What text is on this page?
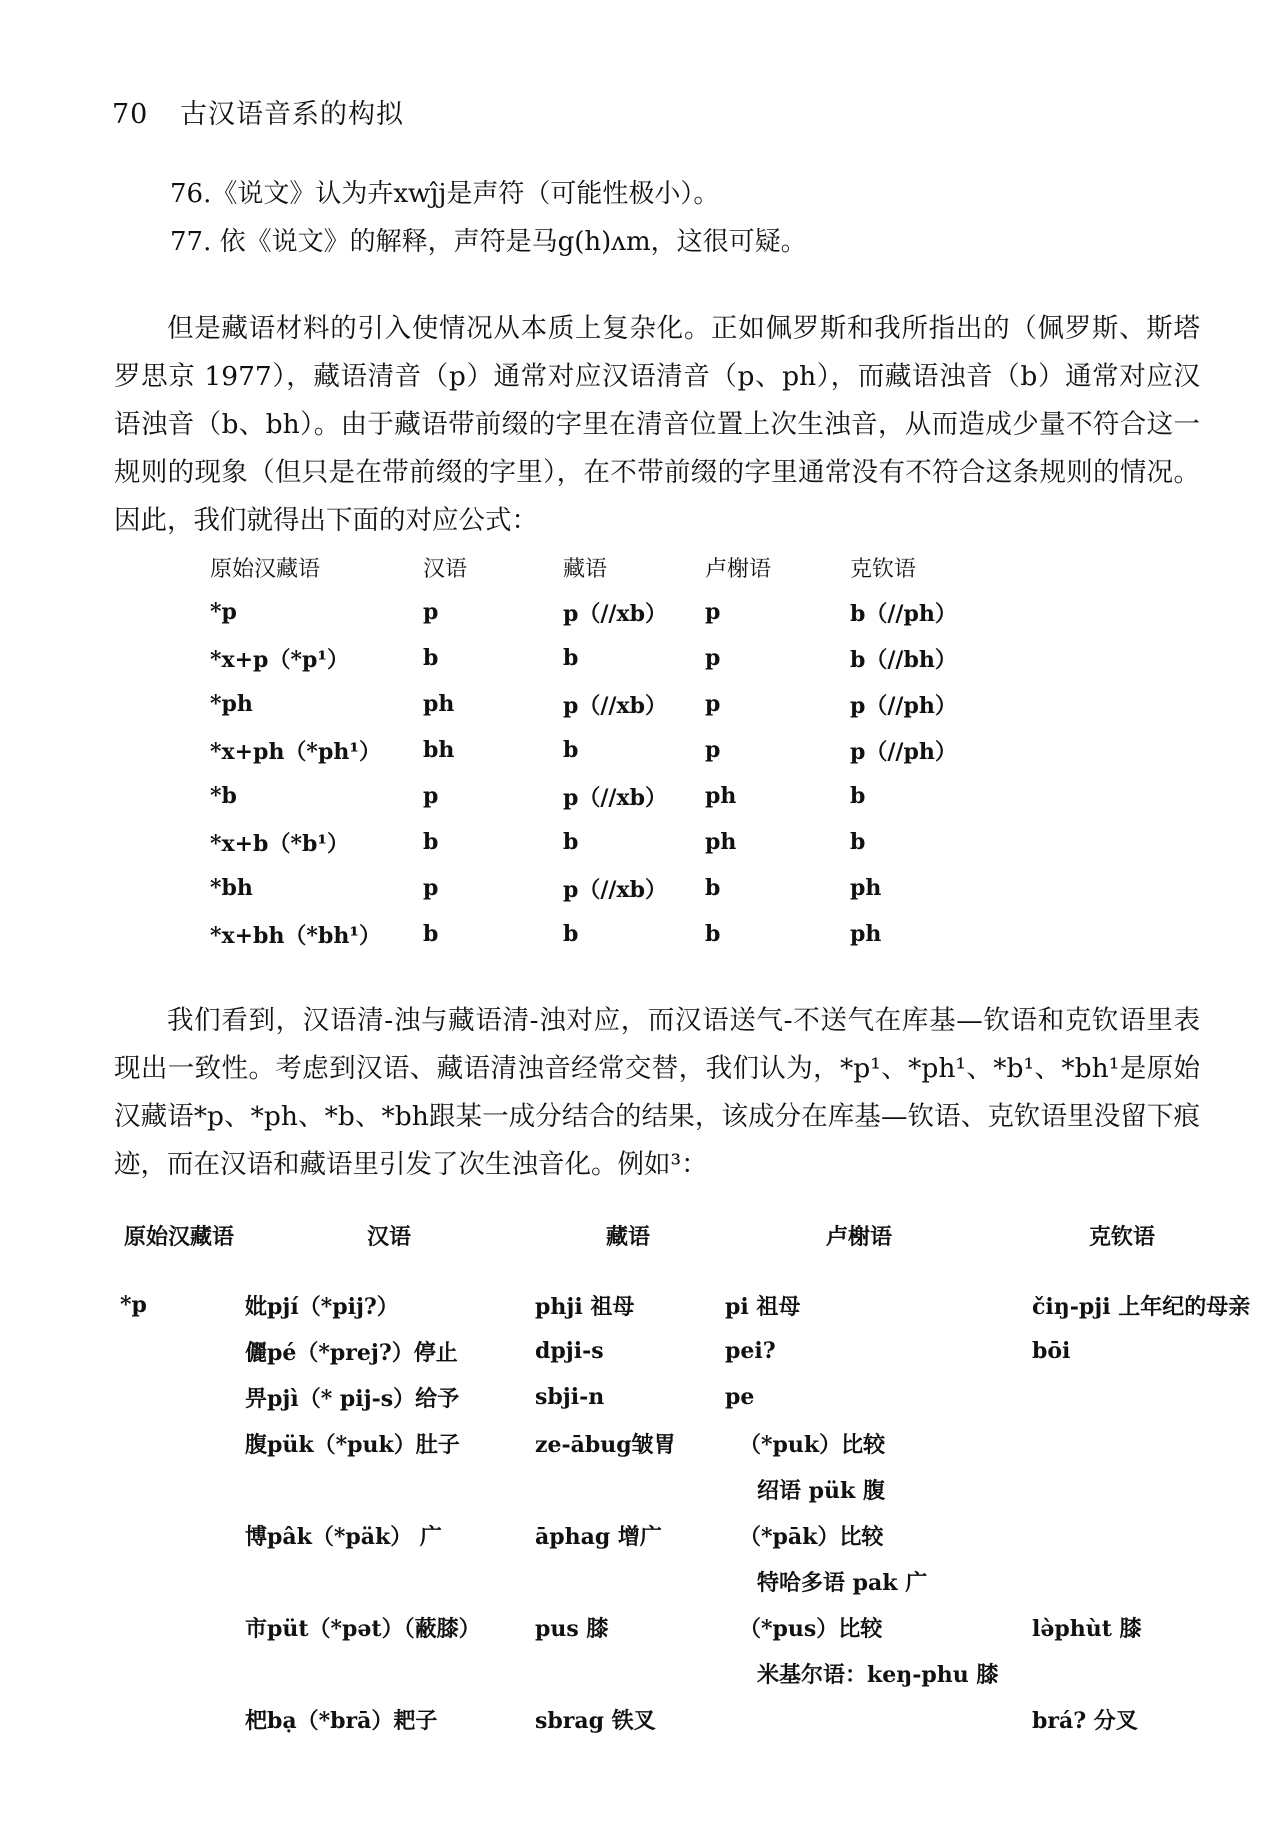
70 古汉语音系的构拟
76.《说文》认为卉xwĵj是声符（可能性极小）。
77. 依《说文》的解释，声符是马g(h)ʌm，这很可疑。

但是藏语材料的引入使情况从本质上复杂化。正如佩罗斯和我所指出的（佩罗斯、斯塔罗思京 1977），藏语清音（p）通常对应汉语清音（p、ph），而藏语浊音（b）通常对应汉语浊音（b、bh）。由于藏语带前缀的字里在清音位置上次生浊音，从而造成少量不符合这一规则的现象（但只是在带前缀的字里），在不带前缀的字里通常没有不符合这条规则的情况。因此，我们就得出下面的对应公式：

原始汉藏语	汉语	藏语	卢榭语	克钦语
*p	p	p（//xb）	p	b（//ph）
*x+p（*p¹）	b	b	p	b（//bh）
*ph	ph	p（//xb）	p	p（//ph）
*x+ph（*ph¹）	bh	b	p	p（//ph）
*b	p	p（//xb）	ph	b
*x+b（*b¹）	b	b	ph	b
*bh	p	p（//xb）	b	ph
*x+bh（*bh¹）	b	b	b	ph

我们看到，汉语清-浊与藏语清-浊对应，而汉语送气-不送气在库基—钦语和克钦语里表现出一致性。考虑到汉语、藏语清浊音经常交替，我们认为，*p¹、*ph¹、*b¹、*bh¹是原始汉藏语*p、*ph、*b、*bh跟某一成分结合的结果，该成分在库基—钦语、克钦语里没留下痕迹，而在汉语和藏语里引发了次生浊音化。例如³：

原始汉藏语	汉语	藏语	卢榭语	克钦语
*p	妣pjí（*pij?）	phji 祖母	pi 祖母	čiŋ-pji 上年纪的母亲
	儷pé（*prej?）停止	dpji-s	pei?	bōi
	畀pjì（* pij-s）给予	sbji-n	pe	
	腹pük（*puk）肚子	ze-ābug皱胃	（*puk）比较	
			绍语 pük 腹	
	博pâk（*päk） 广	āphag 增广	（*pāk）比较	
			特哈多语 pak 广	
	市püt（*pət）（蔽膝）	pus 膝	（*pus）比较	lə̀phùt 膝
			米基尔语：keŋ-phu 膝	
	杷bạ（*brā）耙子	sbrag 铁叉		brá? 分叉
